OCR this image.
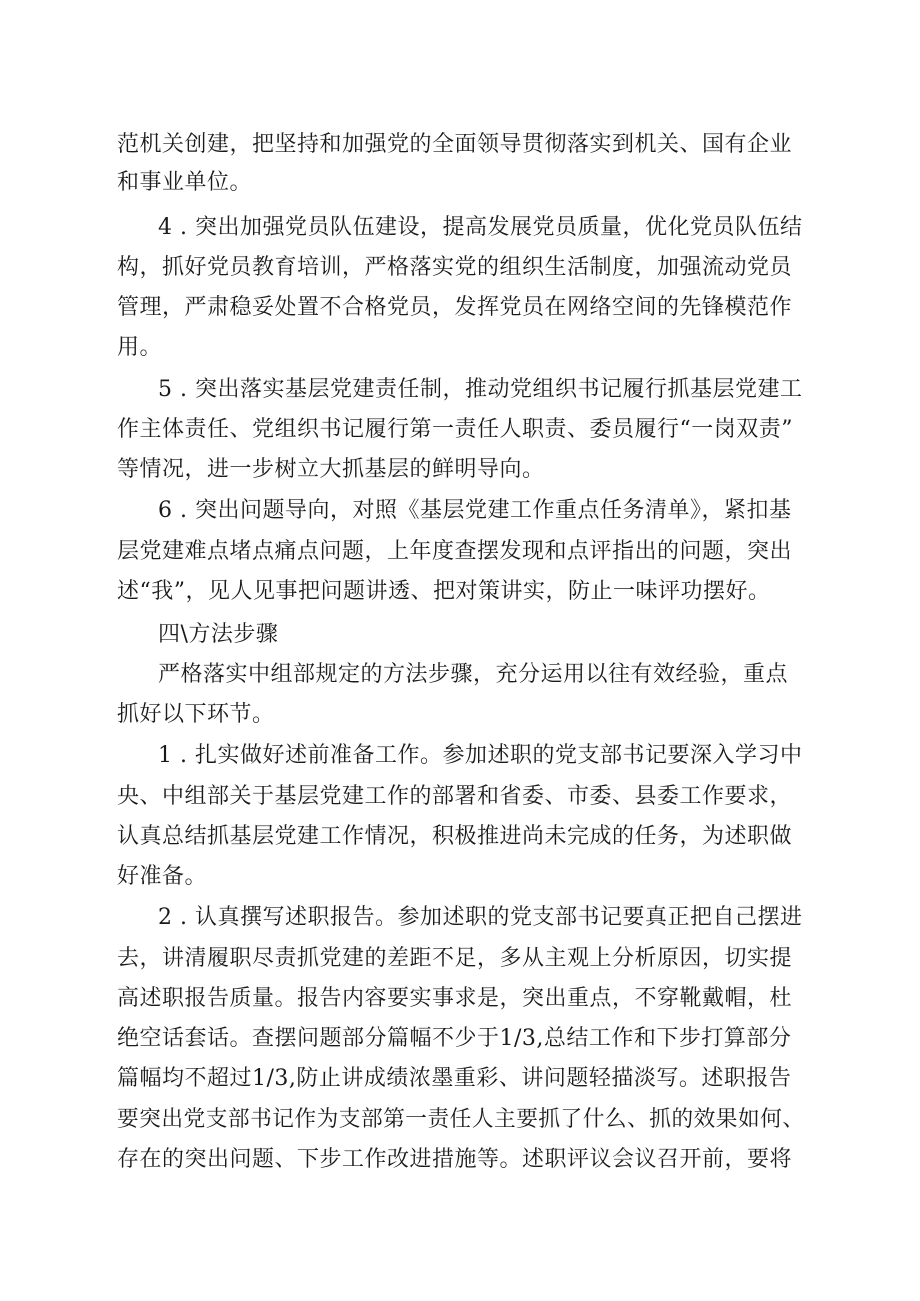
范机关创建，把坚持和加强党的全面领导贯彻落实到机关、国有企业
和事业单位。
4 . 突出加强党员队伍建设，提高发展党员质量，优化党员队伍结
构，抓好党员教育培训，严格落实党的组织生活制度，加强流动党员
管理，严肃稳妥处置不合格党员，发挥党员在网络空间的先锋模范作
用。
5 . 突出落实基层党建责任制，推动党组织书记履行抓基层党建工
作主体责任、党组织书记履行第一责任人职责、委员履行“一岗双责”
等情况，进一步树立大抓基层的鲜明导向。
6 . 突出问题导向，对照《基层党建工作重点任务清单》，紧扣基
层党建难点堵点痛点问题，上年度查摆发现和点评指出的问题，突出
述“我”，见人见事把问题讲透、把对策讲实，防止一味评功摆好。
四\方法步骤
严格落实中组部规定的方法步骤，充分运用以往有效经验，重点
抓好以下环节。
1 . 扎实做好述前准备工作。参加述职的党支部书记要深入学习中
央、中组部关于基层党建工作的部署和省委、市委、县委工作要求，
认真总结抓基层党建工作情况，积极推进尚未完成的任务，为述职做
好准备。
2 . 认真撰写述职报告。参加述职的党支部书记要真正把自己摆进
去，讲清履职尽责抓党建的差距不足，多从主观上分析原因，切实提
高述职报告质量。报告内容要实事求是，突出重点，不穿靴戴帽，杜
绝空话套话。查摆问题部分篇幅不少于1/3,总结工作和下步打算部分
篇幅均不超过1/3,防止讲成绩浓墨重彩、讲问题轻描淡写。述职报告
要突出党支部书记作为支部第一责任人主要抓了什么、抓的效果如何、
存在的突出问题、下步工作改进措施等。述职评议会议召开前，要将
